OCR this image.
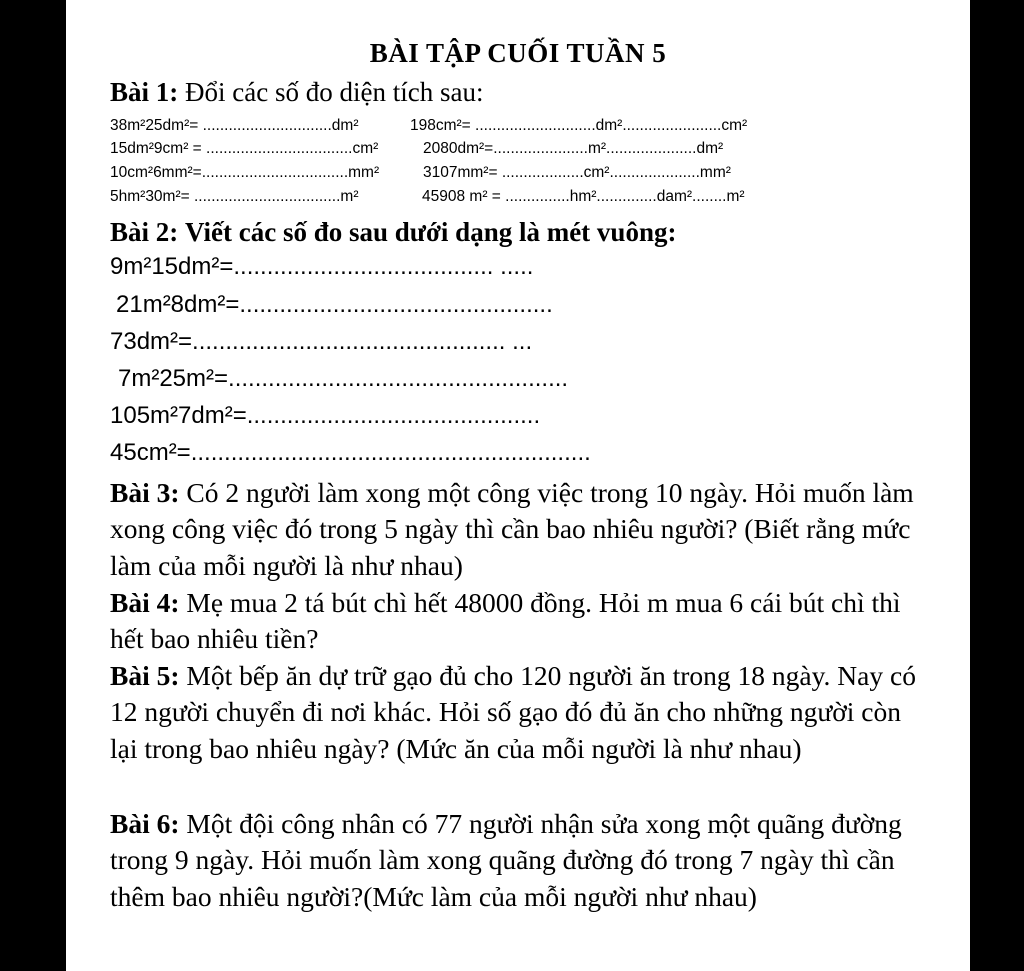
BÀI TẬP CUỐI TUẦN 5
Bài 1: Đổi các số đo diện tích sau:
38m²25dm²= ..............................dm²	198cm²= ............................dm².......................cm²
15dm²9cm² = ..................................cm²	2080dm²=......................m².....................dm²
10cm²6mm²=..................................mm²	3107mm²= ...................cm².....................mm²
5hm²30m²= ..................................m²	45908 m² = ...............hm²..............dam²........m²
Bài 2: Viết các số đo sau dưới dạng là mét vuông:
9m²15dm²=....................................... .....
21m²8dm²=...............................................
73dm²=............................................... ...
7m²25m²=...................................................
105m²7dm²=............................................
45cm²=............................................................
Bài 3: Có 2 người làm xong một công việc trong 10 ngày. Hỏi muốn làm xong công việc đó trong 5 ngày thì cần bao nhiêu người? (Biết rằng mức làm của mỗi người là như nhau)
Bài 4: Mẹ mua 2 tá bút chì hết 48000 đồng. Hỏi m mua 6 cái bút chì thì hết bao nhiêu tiền?
Bài 5: Một bếp ăn dự trữ gạo đủ cho 120 người ăn trong 18 ngày. Nay có 12 người chuyển đi nơi khác. Hỏi số gạo đó đủ ăn cho những người còn lại trong bao nhiêu ngày? (Mức ăn của mỗi người là như nhau)
Bài 6: Một đội công nhân có 77 người nhận sửa xong một quãng đường trong 9 ngày. Hỏi muốn làm xong quãng đường đó trong 7 ngày thì cần thêm bao nhiêu người?(Mức làm của mỗi người như nhau)
